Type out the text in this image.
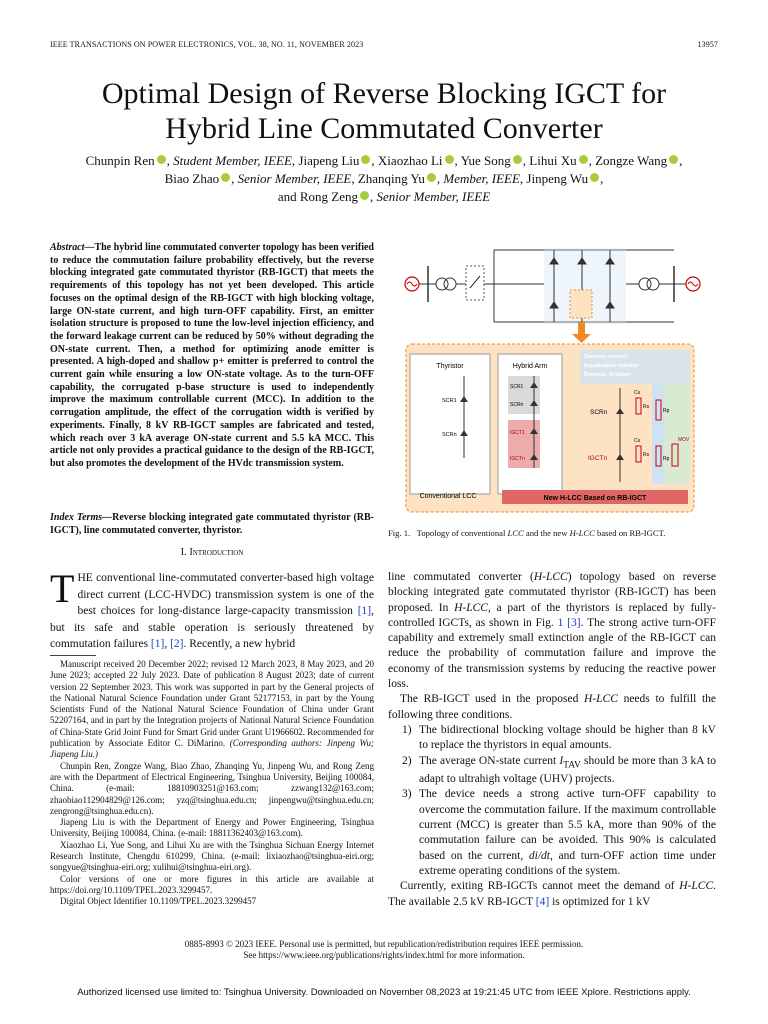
IEEE TRANSACTIONS ON POWER ELECTRONICS, VOL. 38, NO. 11, NOVEMBER 2023	13957
Optimal Design of Reverse Blocking IGCT for
Hybrid Line Commutated Converter
Chunpin Ren , Student Member, IEEE, Jiapeng Liu , Xiaozhao Li , Yue Song , Lihui Xu , Zongze Wang ,
Biao Zhao , Senior Member, IEEE, Zhanqing Yu , Member, IEEE, Jinpeng Wu ,
and Rong Zeng , Senior Member, IEEE
Abstract—The hybrid line commutated converter topology has been verified to reduce the commutation failure probability effectively, but the reverse blocking integrated gate commutated thyristor (RB-IGCT) that meets the requirements of this topology has not yet been developed. This article focuses on the optimal design of the RB-IGCT with high blocking voltage, large ON-state current, and high turn-OFF capability. First, an emitter isolation structure is proposed to tune the low-level injection efficiency, and the forward leakage current can be reduced by 50% without degrading the ON-state current. Then, a method for optimizing anode emitter is presented. A high-doped and shallow p+ emitter is preferred to control the current gain while ensuring a low ON-state voltage. As to the turn-OFF capability, the corrugated p-base structure is used to independently improve the maximum controllable current (MCC). In addition to the corrugation amplitude, the effect of the corrugation width is verified by experiments. Finally, 8 kV RB-IGCT samples are fabricated and tested, which reach over 3 kA average ON-state current and 5.5 kA MCC. This article not only provides a practical guidance to the design of the RB-IGCT, but also promotes the development of the HVdc transmission system.
Index Terms—Reverse blocking integrated gate commutated thyristor (RB-IGCT), line commutated converter, thyristor.
I. Introduction
THE conventional line-commutated converter-based high voltage direct current (LCC-HVDC) transmission system is one of the best choices for long-distance large-capacity transmission [1], but its safe and stable operation is seriously threatened by commutation failures [1], [2]. Recently, a new hybrid

Manuscript received 20 December 2022; revised 12 March 2023, 8 May 2023, and 20 June 2023; accepted 22 July 2023. Date of publication 8 August 2023; date of current version 22 September 2023. This work was supported in part by the General projects of the National Natural Science Foundation under Grant 52177153, in part by the Young Scientists Fund of the National Natural Science Foundation of China under Grant 52207164, and in part by the Integration projects of National Natural Science Foundation of China-State Grid Joint Fund for Smart Grid under Grant U1966602. Recommended for publication by Associate Editor C. DiMarino. (Corresponding authors: Jinpeng Wu; Jiapeng Liu.)

Chunpin Ren, Zongze Wang, Biao Zhao, Zhanqing Yu, Jinpeng Wu, and Rong Zeng are with the Department of Electrical Engineering, Tsinghua University, Beijing 100084, China. (e-mail: 18810903251@163.com; zzwang132@163.com; zhaobiao112904829@126.com; yzq@tsinghua.edu.cn; jinpengwu@tsinghua.edu.cn; zengrong@tsinghua.edu.cn).

Jiapeng Liu is with the Department of Energy and Power Engineering, Tsinghua University, Beijing 100084, China. (e-mail: 18811362403@163.com).

Xiaozhao Li, Yue Song, and Lihui Xu are with the Tsinghua Sichuan Energy Internet Research Institute, Chengdu 610299, China. (e-mail: lixiaozhao@tsinghua-eiri.org; songyue@tsinghua-eiri.org; xulihui@tsinghua-eiri.org).

Color versions of one or more figures in this article are available at https://doi.org/10.1109/TPEL.2023.3299457.

Digital Object Identifier 10.1109/TPEL.2023.3299457

Thyristor
SCR1
SCRn
Conventional LCC
Hybrid Arm
SCR1
SCRn
IGCT1
IGCTn
Discrete arrestor
Equalization resistor
Dynamic Snubber
SCRn
IGCTn
Cs
Rs
Rp
Cs
Rs
Rp
MOV
New H-LCC Based on RB-IGCT
Fig. 1. Topology of conventional LCC and the new H-LCC based on RB-IGCT.

line commutated converter (H-LCC) topology based on reverse blocking integrated gate commutated thyristor (RB-IGCT) has been proposed. In H-LCC, a part of the thyristors is replaced by fully-controlled IGCTs, as shown in Fig. 1 [3]. The strong active turn-OFF capability and extremely small extinction angle of the RB-IGCT can reduce the probability of commutation failure and improve the economy of the transmission systems by reducing the reactive power loss.

The RB-IGCT used in the proposed H-LCC needs to fulfill the following three conditions.

1) The bidirectional blocking voltage should be higher than 8 kV to replace the thyristors in equal amounts.
2) The average ON-state current $I_{TAV}$ should be more than 3 kA to adapt to ultrahigh voltage (UHV) projects.
3) The device needs a strong active turn-OFF capability to overcome the commutation failure. If the maximum controllable current (MCC) is greater than 5.5 kA, more than 90% of the commutation failure can be avoided. This 90% is calculated based on the current, di/dt, and turn-OFF action time under extreme operating conditions of the system.

Currently, exiting RB-IGCTs cannot meet the demand of H-LCC. The available 2.5 kV RB-IGCT [4] is optimized for 1 kV

0885-8993 © 2023 IEEE. Personal use is permitted, but republication/redistribution requires IEEE permission.
See https://www.ieee.org/publications/rights/index.html for more information.
Authorized licensed use limited to: Tsinghua University. Downloaded on November 08,2023 at 19:21:45 UTC from IEEE Xplore. Restrictions apply.
